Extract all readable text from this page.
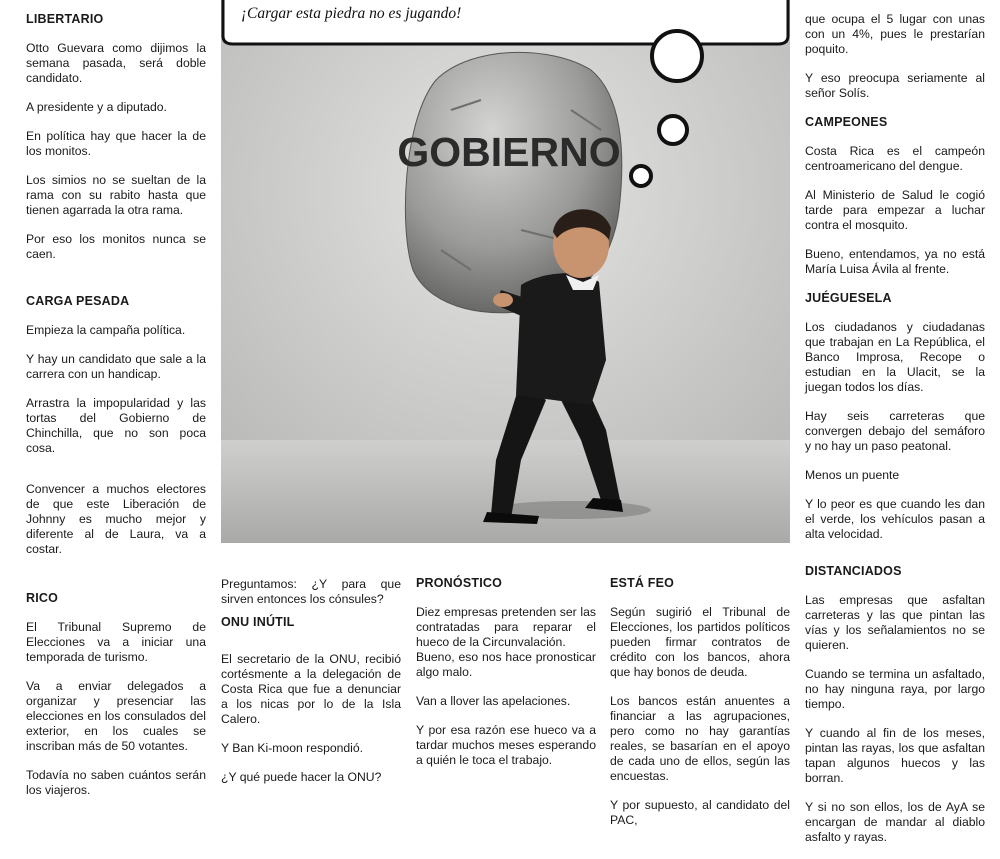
LIBERTARIO

Otto Guevara como dijimos la semana pasada, será doble candidato.

A presidente y a diputado.

En política hay que hacer la de los monitos.

Los simios no se sueltan de la rama con su rabito hasta que tienen agarrada la otra rama.

Por eso los monitos nunca se caen.

CARGA PESADA

Empieza la campaña política.

Y hay un candidato que sale a la carrera con un handicap.

Arrastra la impopularidad y las tortas del Gobierno de Chinchilla, que no son poca cosa.

Convencer a muchos electores de que este Liberación de Johnny es mucho mejor y diferente al de Laura, va a costar.

RICO

El Tribunal Supremo de Elecciones va a iniciar una temporada de turismo.

Va a enviar delegados a organizar y presenciar las elecciones en los consulados del exterior, en los cuales se inscriban más de 50 votantes.

Todavía no saben cuántos serán los viajeros.

GOBIERNO
¡Cargar esta piedra no es jugando!

Preguntamos: ¿Y para que sirven entonces los cónsules?

ONU INÚTIL

El secretario de la ONU, recibió cortésmente a la delegación de Costa Rica que fue a denunciar a los nicas por lo de la Isla Calero.

Y Ban Ki-moon respondió.

¿Y qué puede hacer la ONU?

PRONÓSTICO

Diez empresas pretenden ser las contratadas para reparar el hueco de la Circunvalación.

Bueno, eso nos hace pronosticar algo malo.

Van a llover las apelaciones.

Y por esa razón ese hueco va a tardar muchos meses esperando a quién le toca el trabajo.

ESTÁ FEO

Según sugirió el Tribunal de Elecciones, los partidos políticos pueden firmar contratos de crédito con los bancos, ahora que hay bonos de deuda.

Los bancos están anuentes a financiar a las agrupaciones, pero como no hay garantías reales, se basarían en el apoyo de cada uno de ellos, según las encuestas.

Y por supuesto, al candidato del PAC,

que ocupa el 5 lugar con unas con un 4%, pues le prestarían poquito.

Y eso preocupa seriamente al señor Solís.

CAMPEONES

Costa Rica es el campeón centroamericano del dengue.

Al Ministerio de Salud le cogió tarde para empezar a luchar contra el mosquito.

Bueno, entendamos, ya no está María Luisa Ávila al frente.

JUÉGUESELA

Los ciudadanos y ciudadanas que trabajan en La República, el Banco Improsa, Recope o estudian en la Ulacit, se la juegan todos los días.

Hay seis carreteras que convergen debajo del semáforo y no hay un paso peatonal.

Menos un puente

Y lo peor es que cuando les dan el verde, los vehículos pasan a alta velocidad.

DISTANCIADOS

Las empresas que asfaltan carreteras y las que pintan las vías y los señalamientos no se quieren.

Cuando se termina un asfaltado, no hay ninguna raya, por largo tiempo.

Y cuando al fin de los meses, pintan las rayas, los que asfaltan tapan algunos huecos y las borran.

Y si no son ellos, los de AyA se encargan de mandar al diablo asfalto y rayas.
